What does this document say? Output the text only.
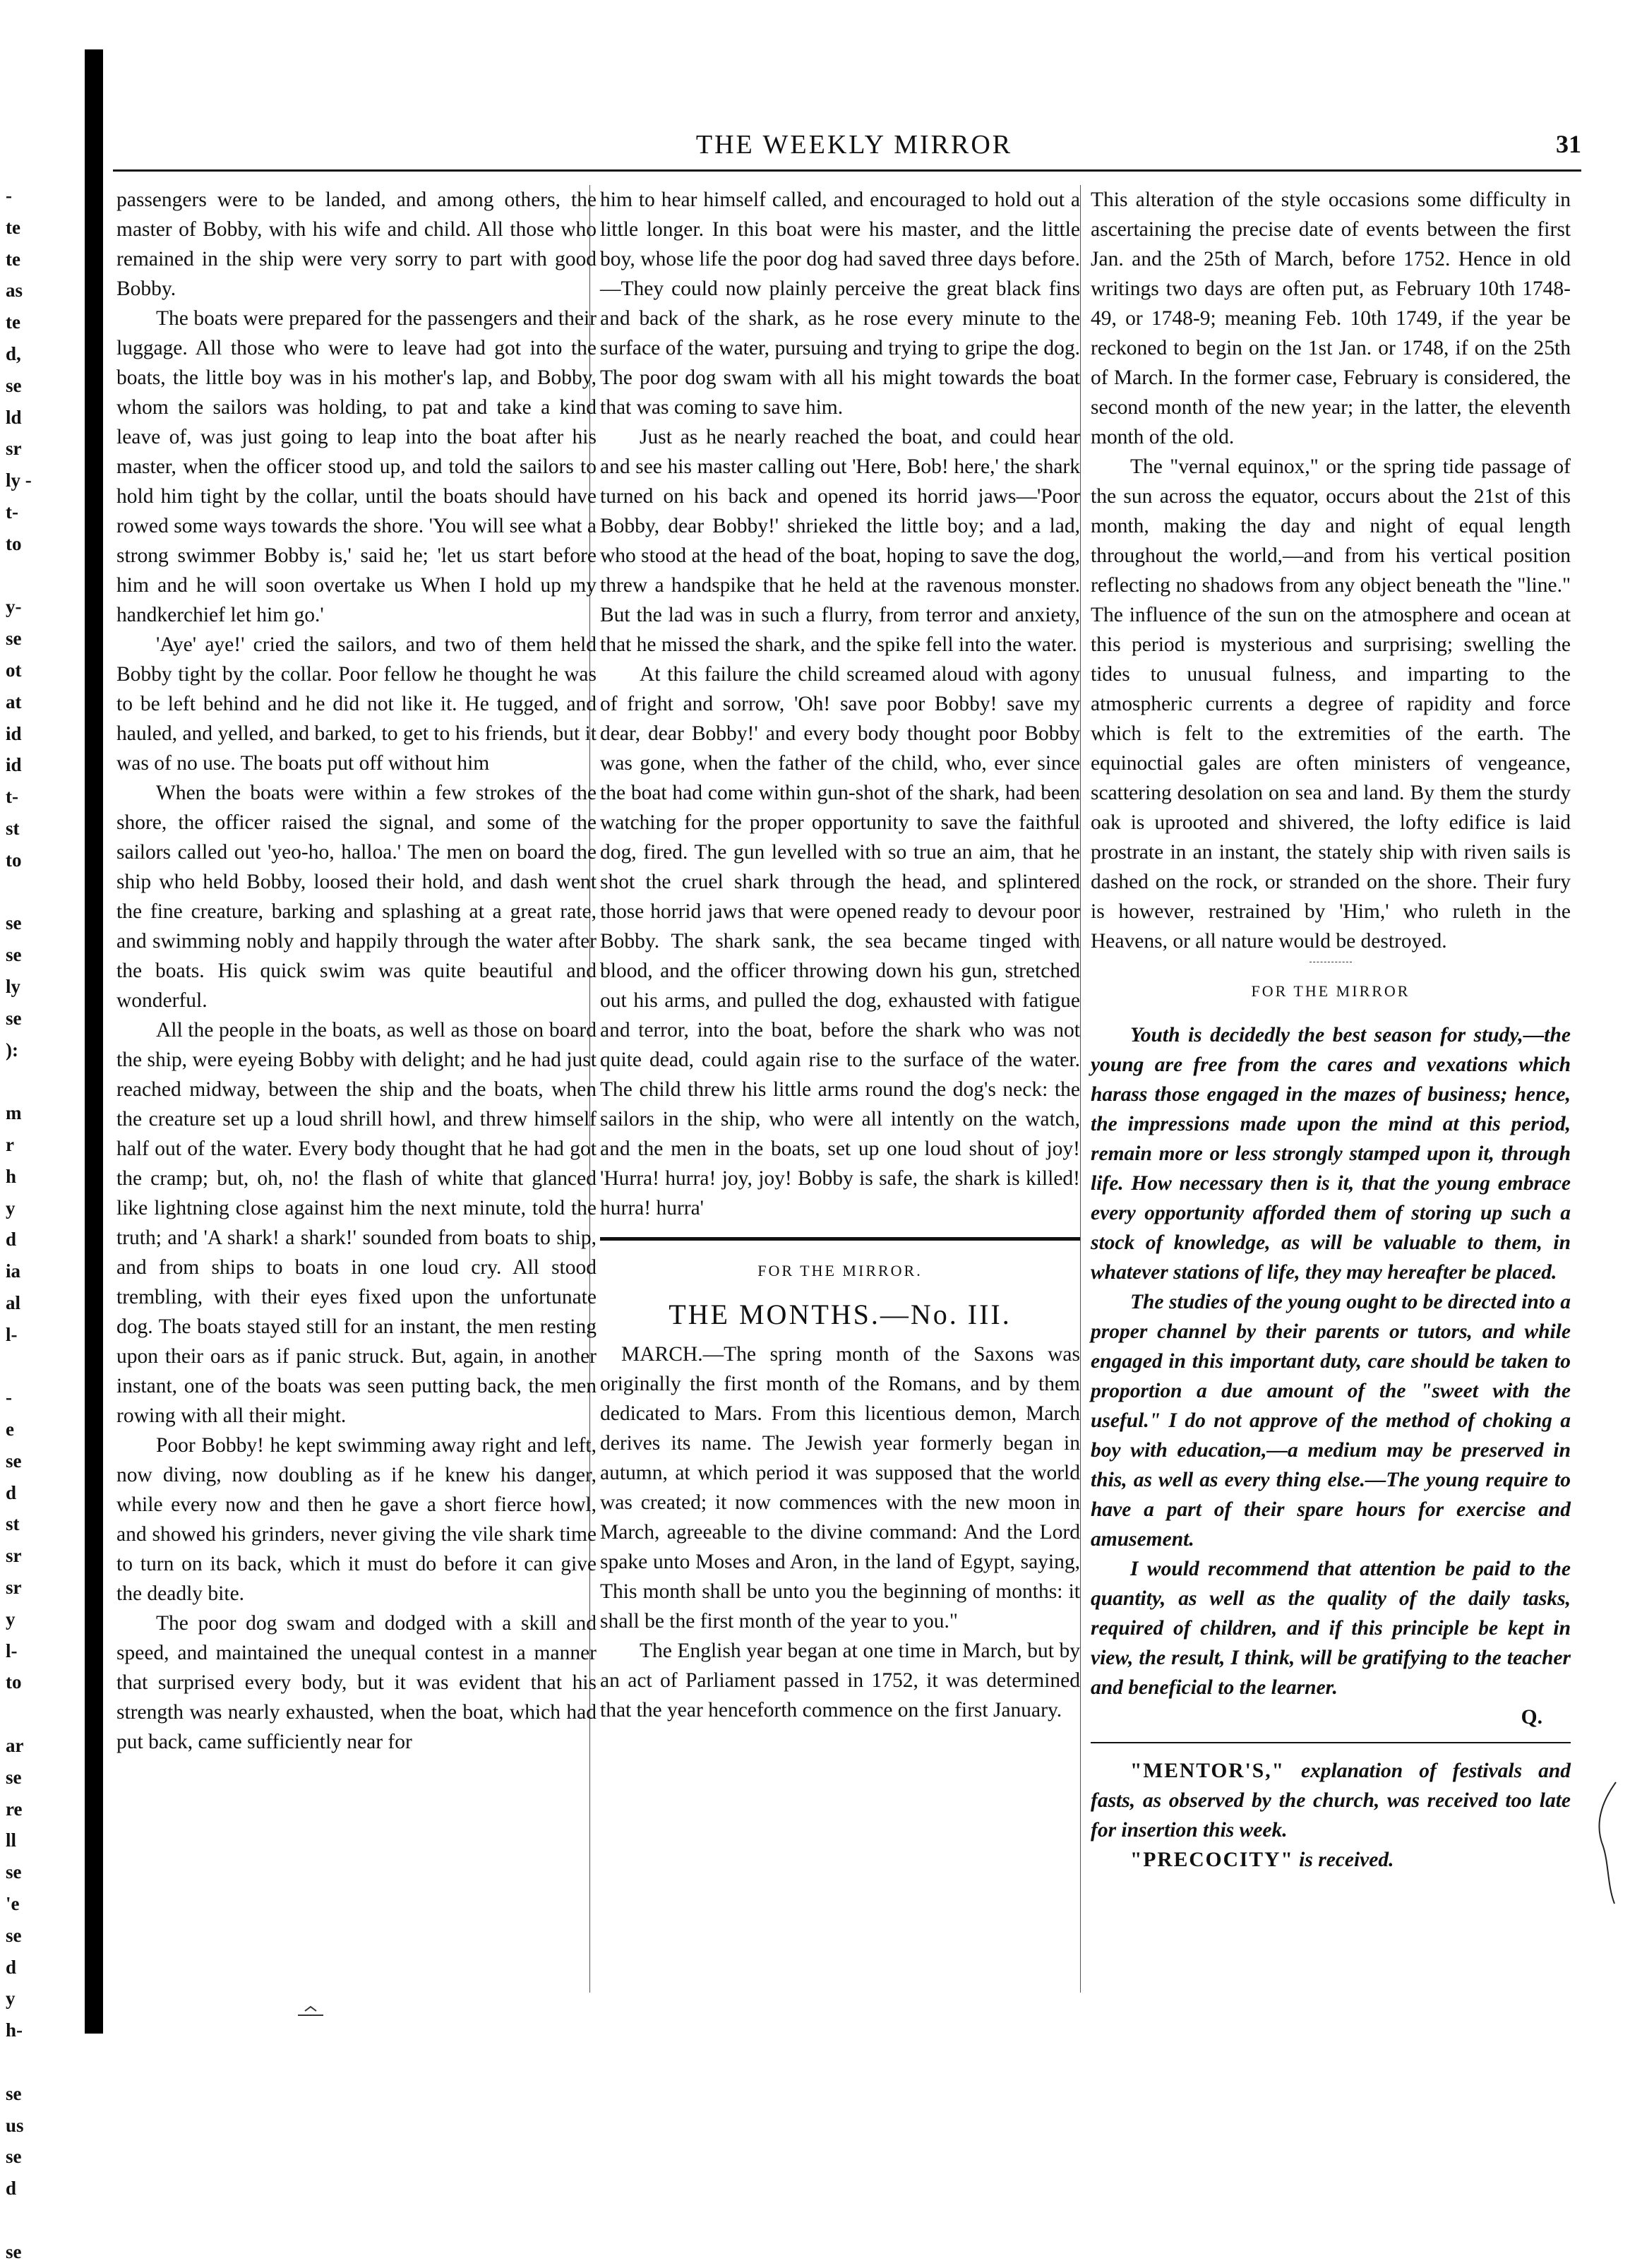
-
te
te
as
te
d,
se
ld
sr
ly -
t-
to
y-
se
ot
at
id
id
t-
st
to
se
se
ly
se
):
m
r
h
y
d
ia
al
l-
-
e
se
d
st
sr
sr
y
l-
to
ar
se
re
ll
se
'e
se
d
y
h-
se
us
se
d
se
THE WEEKLY MIRROR	31

passengers were to be landed, and among others, the master of Bobby, with his wife and child. All those who remained in the ship were very sorry to part with good Bobby.

The boats were prepared for the passengers and their luggage. All those who were to leave had got into the boats, the little boy was in his mother's lap, and Bobby, whom the sailors was holding, to pat and take a kind leave of, was just going to leap into the boat after his master, when the officer stood up, and told the sailors to hold him tight by the collar, until the boats should have rowed some ways towards the shore. 'You will see what a strong swimmer Bobby is,' said he; 'let us start before him and he will soon overtake us When I hold up my handkerchief let him go.'

'Aye' aye!' cried the sailors, and two of them held Bobby tight by the collar. Poor fellow he thought he was to be left behind and he did not like it. He tugged, and hauled, and yelled, and barked, to get to his friends, but it was of no use. The boats put off without him

When the boats were within a few strokes of the shore, the officer raised the signal, and some of the sailors called out 'yeo-ho, halloa.' The men on board the ship who held Bobby, loosed their hold, and dash went the fine creature, barking and splashing at a great rate, and swimming nobly and happily through the water after the boats. His quick swim was quite beautiful and wonderful.

All the people in the boats, as well as those on board the ship, were eyeing Bobby with delight; and he had just reached midway, between the ship and the boats, when the creature set up a loud shrill howl, and threw himself half out of the water. Every body thought that he had got the cramp; but, oh, no! the flash of white that glanced like lightning close against him the next minute, told the truth; and 'A shark! a shark!' sounded from boats to ship, and from ships to boats in one loud cry. All stood trembling, with their eyes fixed upon the unfortunate dog. The boats stayed still for an instant, the men resting upon their oars as if panic struck. But, again, in another instant, one of the boats was seen putting back, the men rowing with all their might.

Poor Bobby! he kept swimming away right and left, now diving, now doubling as if he knew his danger, while every now and then he gave a short fierce howl, and showed his grinders, never giving the vile shark time to turn on its back, which it must do before it can give the deadly bite.

The poor dog swam and dodged with a skill and speed, and maintained the unequal contest in a manner that surprised every body, but it was evident that his strength was nearly exhausted, when the boat, which had put back, came sufficiently near for

him to hear himself called, and encouraged to hold out a little longer. In this boat were his master, and the little boy, whose life the poor dog had saved three days before.—They could now plainly perceive the great black fins and back of the shark, as he rose every minute to the surface of the water, pursuing and trying to gripe the dog. The poor dog swam with all his might towards the boat that was coming to save him.

Just as he nearly reached the boat, and could hear and see his master calling out 'Here, Bob! here,' the shark turned on his back and opened its horrid jaws—'Poor Bobby, dear Bobby!' shrieked the little boy; and a lad, who stood at the head of the boat, hoping to save the dog, threw a handspike that he held at the ravenous monster. But the lad was in such a flurry, from terror and anxiety, that he missed the shark, and the spike fell into the water.

At this failure the child screamed aloud with agony of fright and sorrow, 'Oh! save poor Bobby! save my dear, dear Bobby!' and every body thought poor Bobby was gone, when the father of the child, who, ever since the boat had come within gun-shot of the shark, had been watching for the proper opportunity to save the faithful dog, fired. The gun levelled with so true an aim, that he shot the cruel shark through the head, and splintered those horrid jaws that were opened ready to devour poor Bobby. The shark sank, the sea became tinged with blood, and the officer throwing down his gun, stretched out his arms, and pulled the dog, exhausted with fatigue and terror, into the boat, before the shark who was not quite dead, could again rise to the surface of the water. The child threw his little arms round the dog's neck: the sailors in the ship, who were all intently on the watch, and the men in the boats, set up one loud shout of joy! 'Hurra! hurra! joy, joy! Bobby is safe, the shark is killed! hurra! hurra'

FOR THE MIRROR.
THE MONTHS.—No. III.

MARCH.—The spring month of the Saxons was originally the first month of the Romans, and by them dedicated to Mars. From this licentious demon, March derives its name. The Jewish year formerly began in autumn, at which period it was supposed that the world was created; it now commences with the new moon in March, agreeable to the divine command: And the Lord spake unto Moses and Aron, in the land of Egypt, saying, This month shall be unto you the beginning of months: it shall be the first month of the year to you."

The English year began at one time in March, but by an act of Parliament passed in 1752, it was determined that the year henceforth commence on the first January.

This alteration of the style occasions some difficulty in ascertaining the precise date of events between the first Jan. and the 25th of March, before 1752. Hence in old writings two days are often put, as February 10th 1748-49, or 1748-9; meaning Feb. 10th 1749, if the year be reckoned to begin on the 1st Jan. or 1748, if on the 25th of March. In the former case, February is considered, the second month of the new year; in the latter, the eleventh month of the old.

The "vernal equinox," or the spring tide passage of the sun across the equator, occurs about the 21st of this month, making the day and night of equal length throughout the world,—and from his vertical position reflecting no shadows from any object beneath the "line." The influence of the sun on the atmosphere and ocean at this period is mysterious and surprising; swelling the tides to unusual fulness, and imparting to the atmospheric currents a degree of rapidity and force which is felt to the extremities of the earth. The equinoctial gales are often ministers of vengeance, scattering desolation on sea and land. By them the sturdy oak is uprooted and shivered, the lofty edifice is laid prostrate in an instant, the stately ship with riven sails is dashed on the rock, or stranded on the shore. Their fury is however, restrained by 'Him,' who ruleth in the Heavens, or all nature would be destroyed.

FOR THE MIRROR

Youth is decidedly the best season for study,—the young are free from the cares and vexations which harass those engaged in the mazes of business; hence, the impressions made upon the mind at this period, remain more or less strongly stamped upon it, through life. How necessary then is it, that the young embrace every opportunity afforded them of storing up such a stock of knowledge, as will be valuable to them, in whatever stations of life, they may hereafter be placed.

The studies of the young ought to be directed into a proper channel by their parents or tutors, and while engaged in this important duty, care should be taken to proportion a due amount of the "sweet with the useful." I do not approve of the method of choking a boy with education,—a medium may be preserved in this, as well as every thing else.—The young require to have a part of their spare hours for exercise and amusement.

I would recommend that attention be paid to the quantity, as well as the quality of the daily tasks, required of children, and if this principle be kept in view, the result, I think, will be gratifying to the teacher and beneficial to the learner.

Q.

"MENTOR'S," explanation of festivals and fasts, as observed by the church, was received too late for insertion this week.

"PRECOCITY" is received.
